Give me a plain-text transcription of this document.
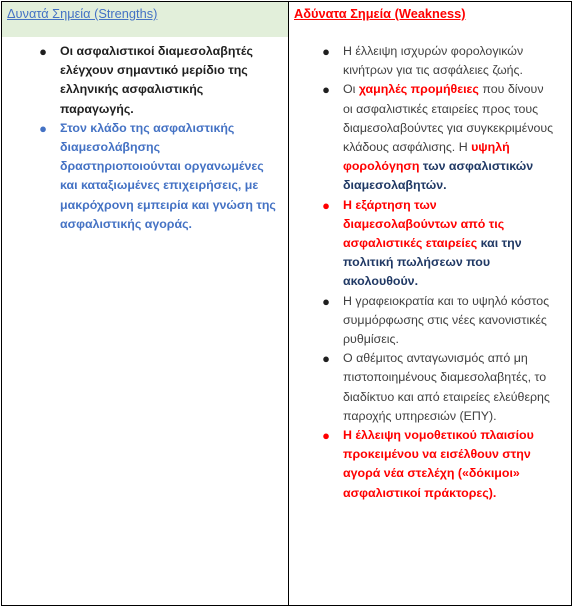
Δυνατά Σημεία (Strengths)
● Οι ασφαλιστικοί διαμεσολαβητές ελέγχουν σημαντικό μερίδιο της ελληνικής ασφαλιστικής παραγωγής.
● Στον κλάδο της ασφαλιστικής διαμεσολάβησης δραστηριοποιούνται οργανωμένες και καταξιωμένες επιχειρήσεις, με μακρόχρονη εμπειρία και γνώση της ασφαλιστικής αγοράς.
Αδύνατα Σημεία (Weakness)
● Η έλλειψη ισχυρών φορολογικών κινήτρων για τις ασφάλειες ζωής.
● Οι χαμηλές προμήθειες που δίνουν οι ασφαλιστικές εταιρείες προς τους διαμεσολαβούντες για συγκεκριμένους κλάδους ασφάλισης. Η υψηλή φορολόγηση των ασφαλιστικών διαμεσολαβητών.
● Η εξάρτηση των διαμεσολαβούντων από τις ασφαλιστικές εταιρείες και την πολιτική πωλήσεων που ακολουθούν.
● Η γραφειοκρατία και το υψηλό κόστος συμμόρφωσης στις νέες κανονιστικές ρυθμίσεις.
● Ο αθέμιτος ανταγωνισμός από μη πιστοποιημένους διαμεσολαβητές, το διαδίκτυο και από εταιρείες ελεύθερης παροχής υπηρεσιών (ΕΠΥ).
● Η έλλειψη νομοθετικού πλαισίου προκειμένου να εισέλθουν στην αγορά νέα στελέχη («δόκιμοι» ασφαλιστικοί πράκτορες).
